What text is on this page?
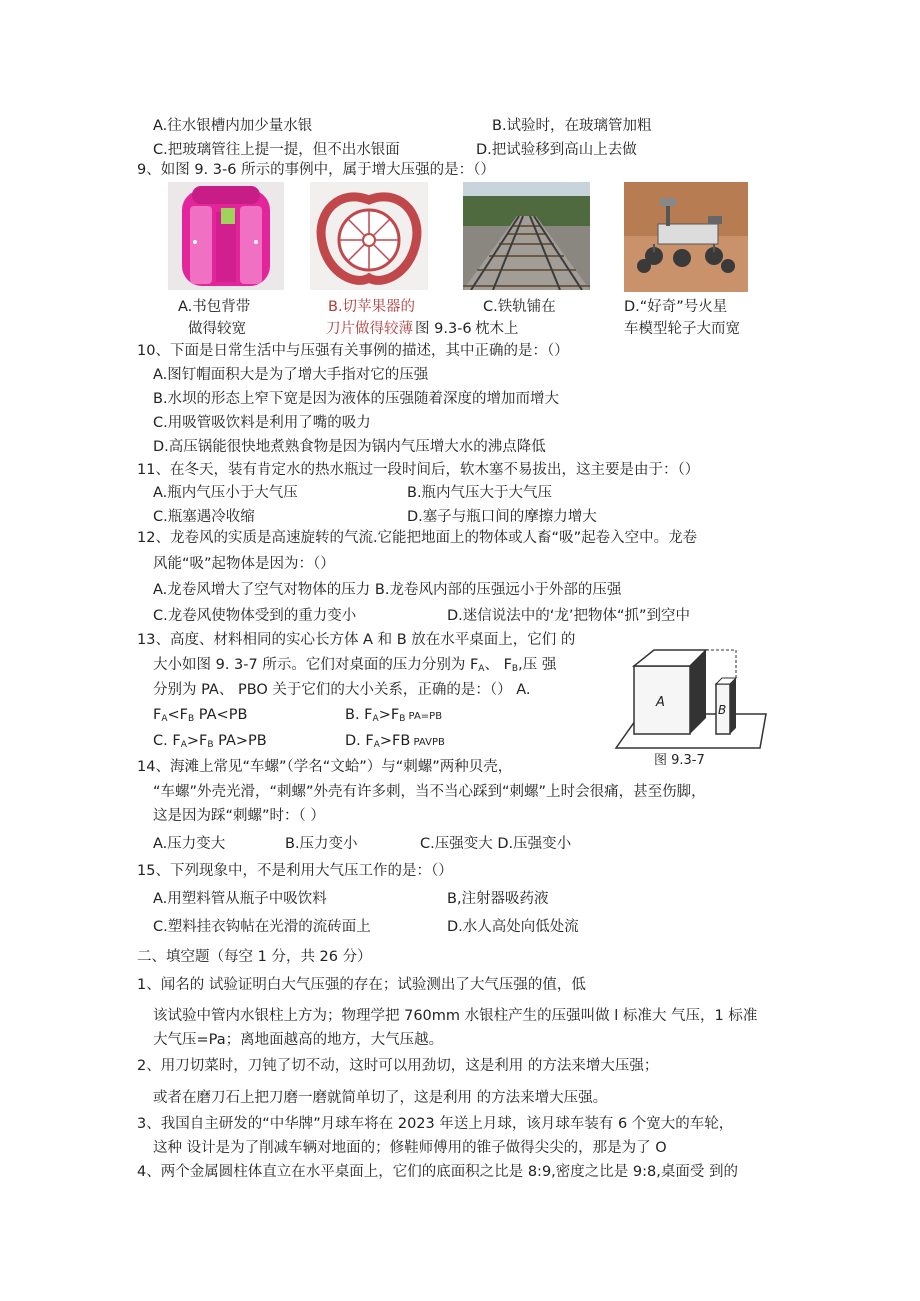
A.往水银槽内加少量水银	B.试验时，在玻璃管加粗
C.把玻璃管往上提一提，但不出水银面	D.把试验移到高山上去做
9、如图 9. 3-6 所示的事例中，属于增大压强的是：（）
A.书包背带
做得较宽
B.切苹果器的
刀片做得较薄 图 9.3-6
C.铁轨铺在
枕木上
D.“好奇”号火星
车模型轮子大而宽
10、下面是日常生活中与压强有关事例的描述，其中正确的是：（）
A.图钉帽面积大是为了增大手指对它的压强
B.水坝的形态上窄下宽是因为液体的压强随着深度的增加而增大
C.用吸管吸饮料是利用了嘴的吸力
D.高压锅能很快地煮熟食物是因为锅内气压增大水的沸点降低
11、在冬天，装有肯定水的热水瓶过一段时间后，软木塞不易拔出，这主要是由于：（）
A.瓶内气压小于大气压	B.瓶内气压大于大气压
C.瓶塞遇冷收缩	D.塞子与瓶口间的摩擦力增大
12、龙卷风的实质是高速旋转的气流.它能把地面上的物体或人畜“吸”起卷入空中。龙卷
风能“吸”起物体是因为：（）
A.龙卷风增大了空气对物体的压力 B.龙卷风内部的压强远小于外部的压强
C.龙卷风使物体受到的重力变小	D.迷信说法中的‘龙’把物体“抓”到空中
13、高度、材料相同的实心长方体 A 和 B 放在水平桌面上，它们 的
大小如图 9. 3-7 所示。它们对桌面的压力分别为 $F_A$、 $F_B$,压 强
分别为 PA、 PBO 关于它们的大小关系，正确的是：（） A.
$F_A<F_B$ PA<PB	B. $F_A>F_B$ PA=PB
C. $F_A>F_B$ PA>PB	D. $F_A>FB$ PAVPB
A	B
图 9.3-7
14、海滩上常见“车螺”（学名“文蛤”）与“刺螺”两种贝壳，
“车螺”外壳光滑，“刺螺”外壳有许多刺，当不当心踩到“刺螺”上时会很痛，甚至伤脚，
这是因为踩“刺螺”时：（ ）
A.压力变大	B.压力变小	C.压强变大 D.压强变小
15、下列现象中，不是利用大气压工作的是：（）
A.用塑料管从瓶子中吸饮料	B,注射器吸药液
C.塑料挂衣钩帖在光滑的流砖面上	D.水人高处向低处流
二、填空题（每空 1 分，共 26 分）
1、闻名的 试验证明白大气压强的存在；试验测出了大气压强的值，低
该试验中管内水银柱上方为；物理学把 760mm 水银柱产生的压强叫做 l 标准大 气压，1 标准
大气压=Pa；离地面越高的地方，大气压越。
2、用刀切菜时，刀钝了切不动，这时可以用劲切，这是利用 的方法来增大压强；
或者在磨刀石上把刀磨一磨就简单切了，这是利用 的方法来增大压强。
3、我国自主研发的“中华牌”月球车将在 2023 年送上月球，该月球车装有 6 个宽大的车轮，
这种 设计是为了削减车辆对地面的；修鞋师傅用的锥子做得尖尖的，那是为了 O
4、两个金属圆柱体直立在水平桌面上，它们的底面积之比是 8:9,密度之比是 9:8,桌面受 到的
